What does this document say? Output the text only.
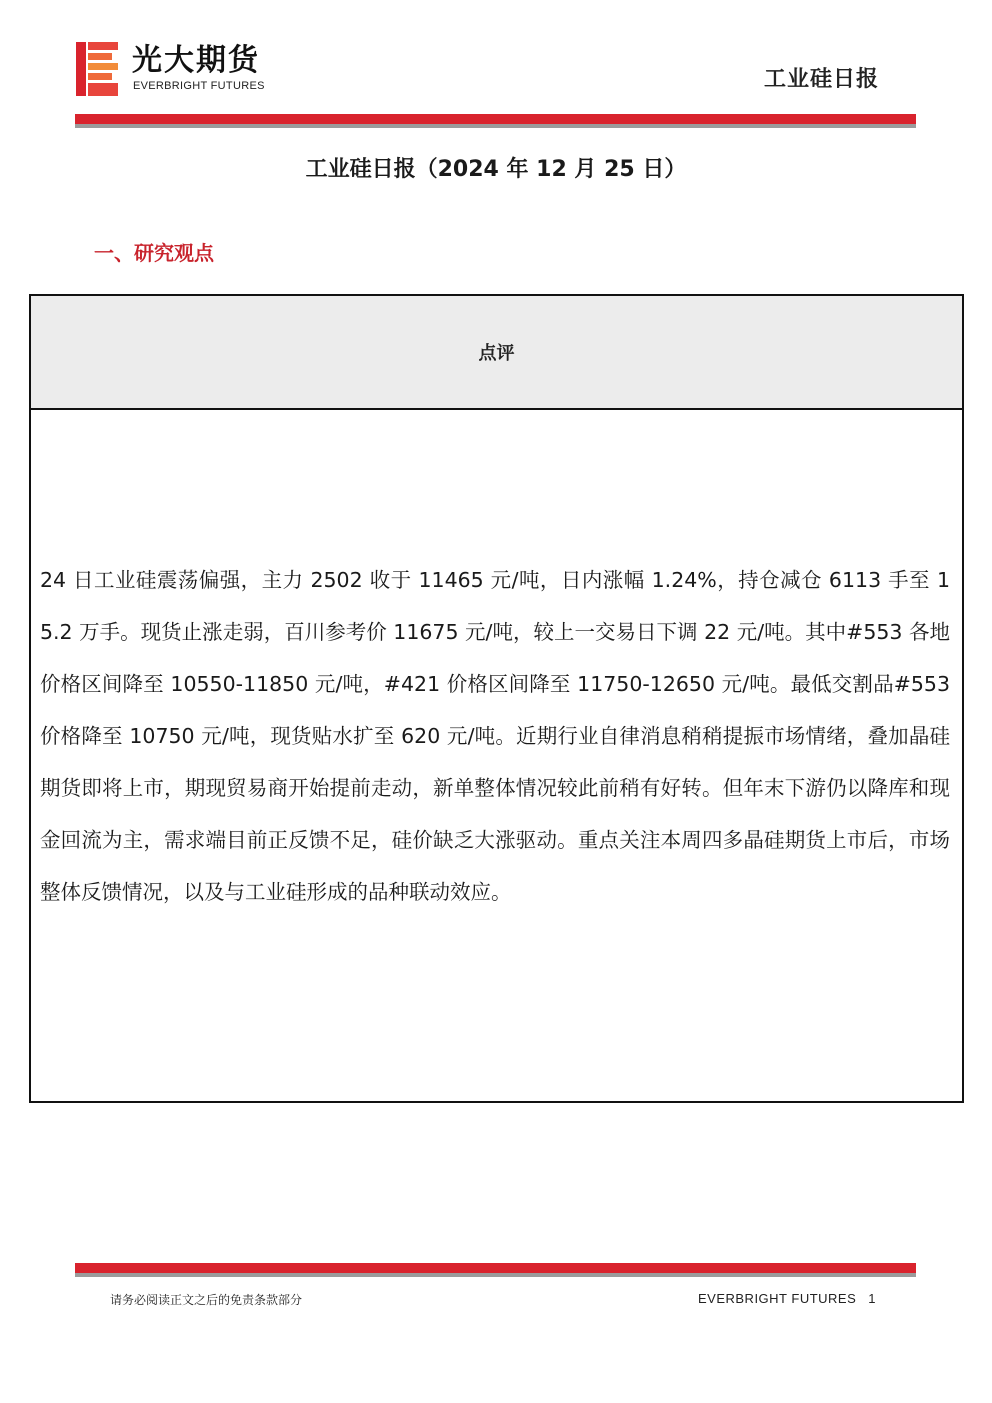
光大期货
EVERBRIGHT FUTURES	工业硅日报
工业硅日报（2024 年 12 月 25 日）
一、研究观点
点评
24 日工业硅震荡偏强，主力 2502 收于 11465 元/吨，日内涨幅 1.24%，持仓减仓 6113 手至 15.2 万手。现货止涨走弱，百川参考价 11675 元/吨，较上一交易日下调 22 元/吨。其中#553 各地价格区间降至 10550-11850 元/吨，#421 价格区间降至 11750-12650 元/吨。最低交割品#553 价格降至 10750 元/吨，现货贴水扩至 620 元/吨。近期行业自律消息稍稍提振市场情绪，叠加晶硅期货即将上市，期现贸易商开始提前走动，新单整体情况较此前稍有好转。但年末下游仍以降库和现金回流为主，需求端目前正反馈不足，硅价缺乏大涨驱动。重点关注本周四多晶硅期货上市后，市场整体反馈情况，以及与工业硅形成的品种联动效应。
请务必阅读正文之后的免责条款部分	EVERBRIGHT FUTURES 1
